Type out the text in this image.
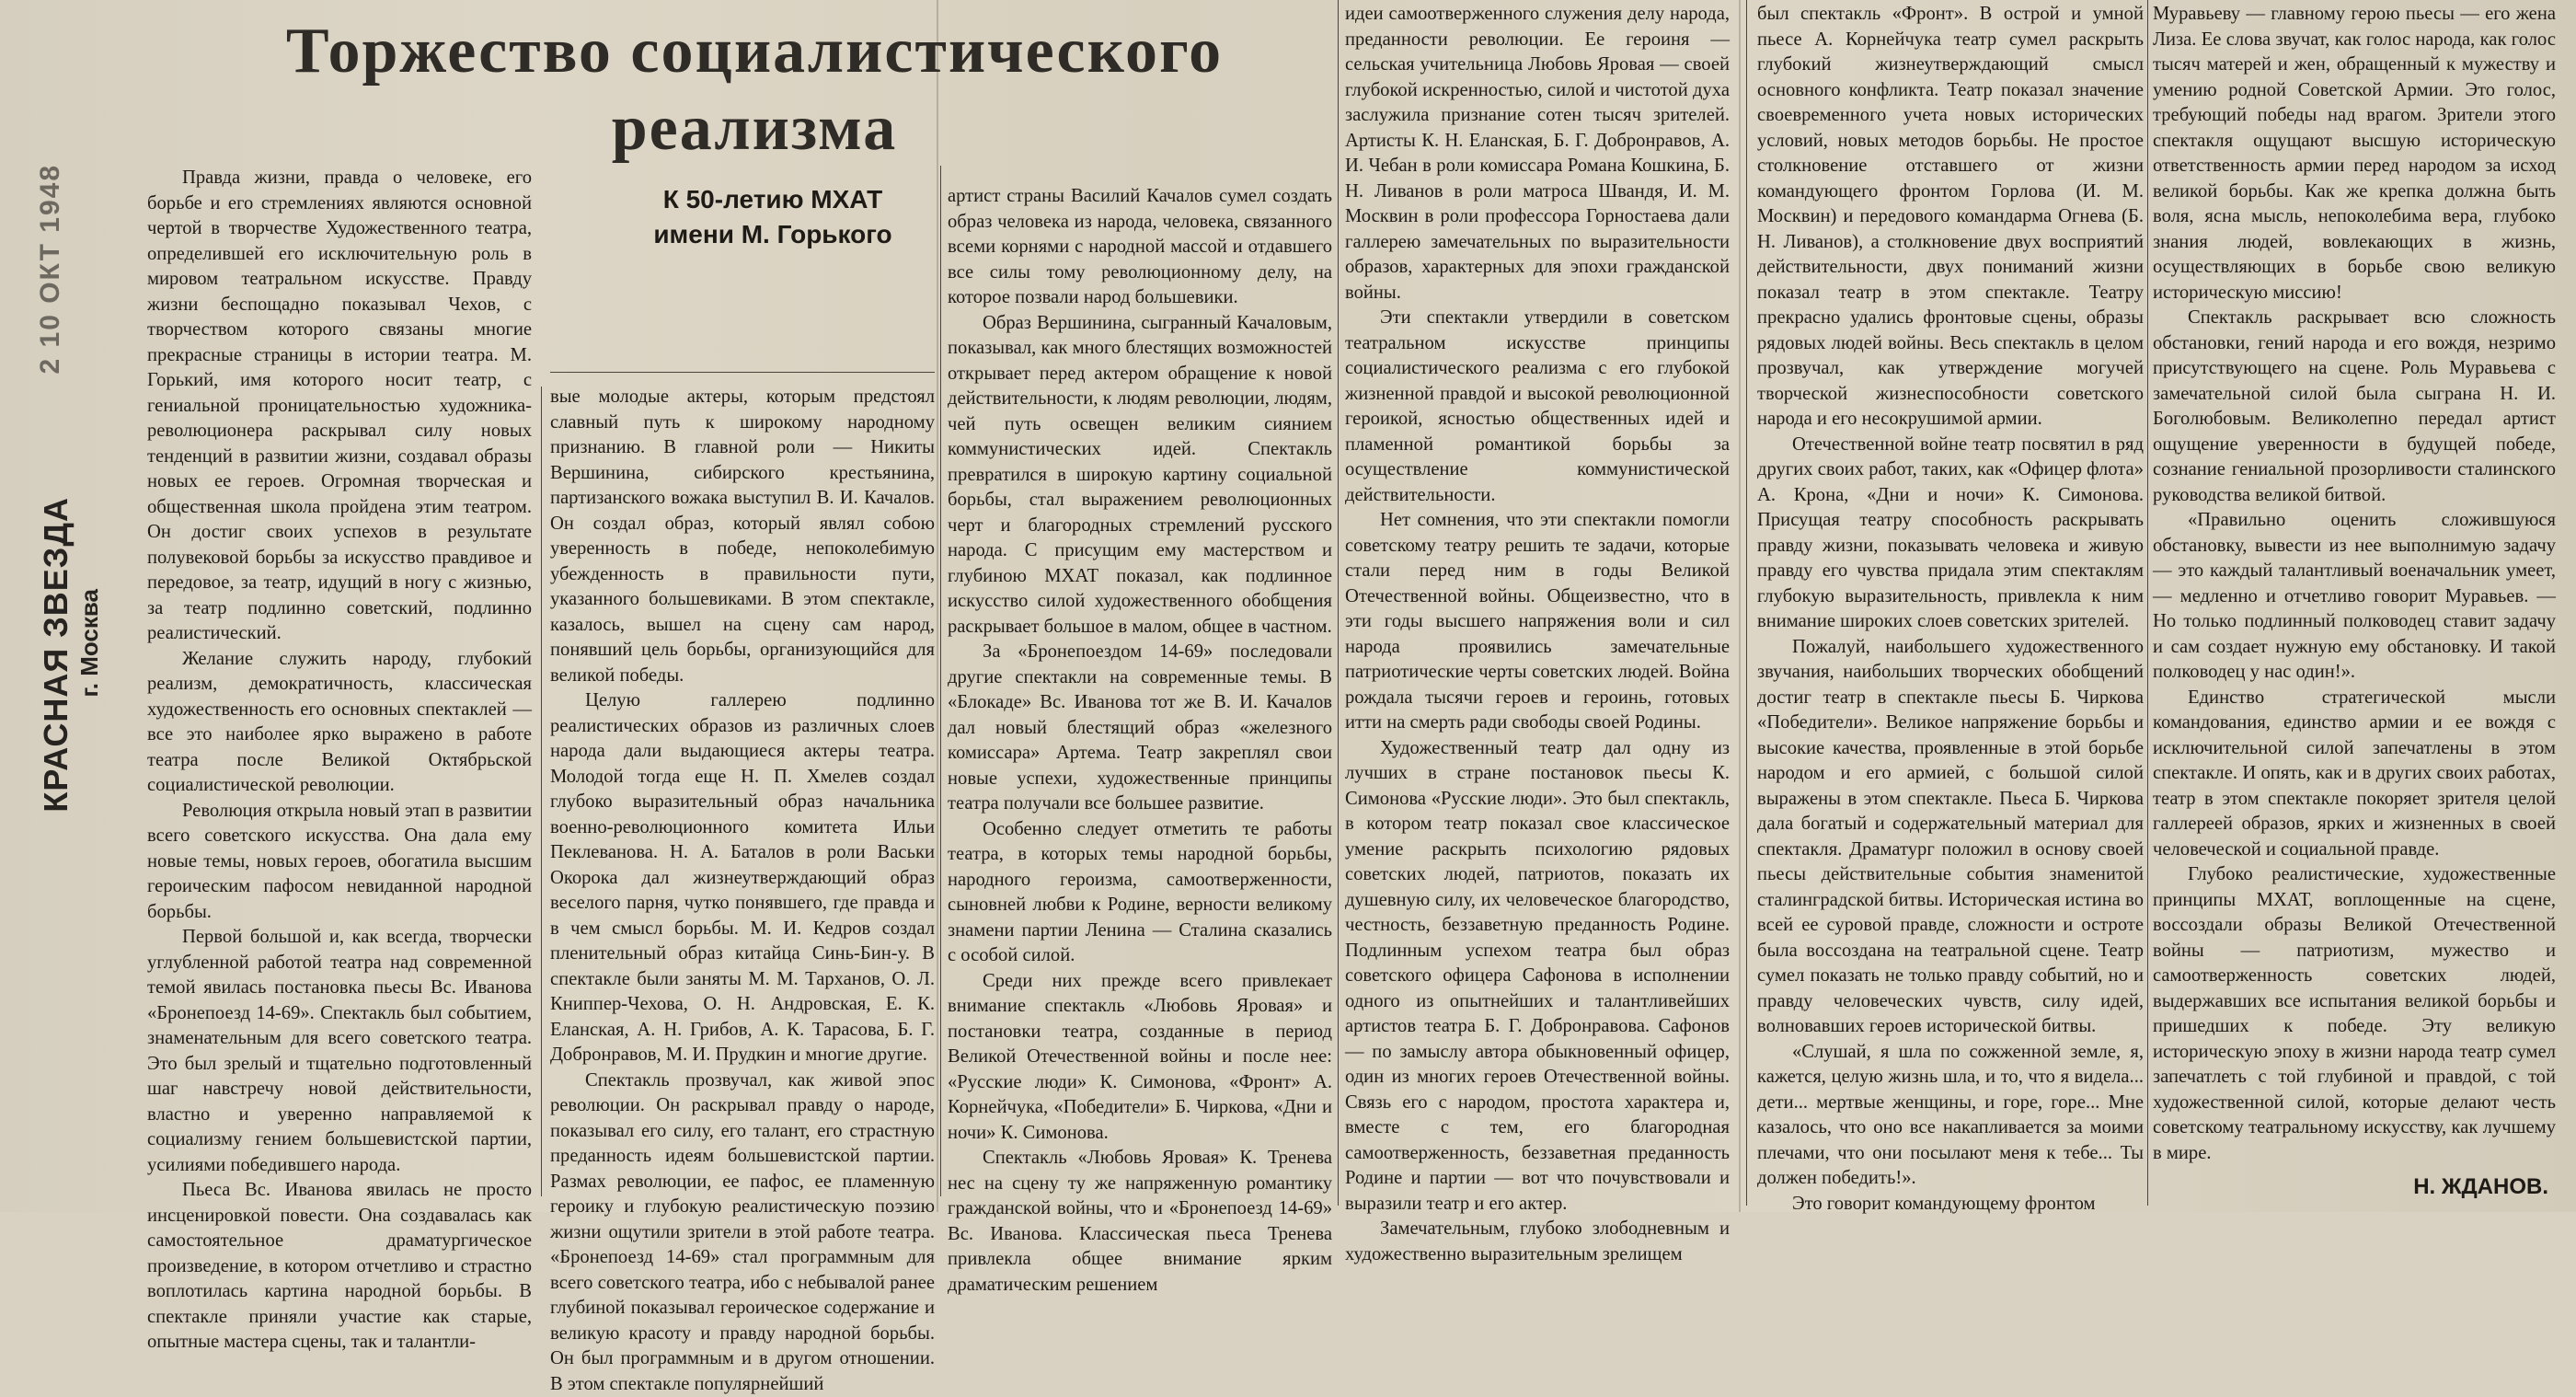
2 10 ОКТ 1948
КРАСНАЯ ЗВЕЗДА г. Москва
Торжество социалистического
реализма
К 50-летию МХАТ
имени М. Горького

Правда жизни, правда о человеке, его борьбе и его стремлениях являются основной чертой в творчестве Художественного театра, определившей его исключительную роль в мировом театральном искусстве. Правду жизни беспощадно показывал Чехов, с творчеством которого связаны многие прекрасные страницы в истории театра. М. Горький, имя которого носит театр, с гениальной проницательностью художника-революционера раскрывал силу новых тенденций в развитии жизни, создавал образы новых ее героев. Огромная творческая и общественная школа пройдена этим театром. Он достиг своих успехов в результате полувековой борьбы за искусство правдивое и передовое, за театр, идущий в ногу с жизнью, за театр подлинно советский, подлинно реалистический.

Желание служить народу, глубокий реализм, демократичность, классическая художественность его основных спектаклей — все это наиболее ярко выражено в работе театра после Великой Октябрьской социалистической революции.

Революция открыла новый этап в развитии всего советского искусства. Она дала ему новые темы, новых героев, обогатила высшим героическим пафосом невиданной народной борьбы.

Первой большой и, как всегда, творчески углубленной работой театра над современной темой явилась постановка пьесы Вс. Иванова «Бронепоезд 14-69». Спектакль был событием, знаменательным для всего советского театра. Это был зрелый и тщательно подготовленный шаг навстречу новой действительности, властно и уверенно направляемой к социализму гением большевистской партии, усилиями победившего народа.

Пьеса Вс. Иванова явилась не просто инсценировкой повести. Она создавалась как самостоятельное драматургическое произведение, в котором отчетливо и страстно воплотилась картина народной борьбы. В спектакле приняли участие как старые, опытные мастера сцены, так и талантли-

вые молодые актеры, которым предстоял славный путь к широкому народному признанию. В главной роли — Никиты Вершинина, сибирского крестьянина, партизанского вожака выступил В. И. Качалов. Он создал образ, который являл собою уверенность в победе, непоколебимую убежденность в правильности пути, указанного большевиками. В этом спектакле, казалось, вышел на сцену сам народ, понявший цель борьбы, организующийся для великой победы.

Целую галлерею подлинно реалистических образов из различных слоев народа дали выдающиеся актеры театра. Молодой тогда еще Н. П. Хмелев создал глубоко выразительный образ начальника военно-революционного комитета Ильи Пеклеванова. Н. А. Баталов в роли Васьки Окорока дал жизнеутверждающий образ веселого парня, чутко понявшего, где правда и в чем смысл борьбы. М. И. Кедров создал пленительный образ китайца Синь-Бин-у. В спектакле были заняты М. М. Тарханов, О. Л. Книппер-Чехова, О. Н. Андровская, Е. К. Еланская, А. Н. Грибов, А. К. Тарасова, Б. Г. Добронравов, М. И. Прудкин и многие другие.

Спектакль прозвучал, как живой эпос революции. Он раскрывал правду о народе, показывал его силу, его талант, его страстную преданность идеям большевистской партии. Размах революции, ее пафос, ее пламенную героику и глубокую реалистическую поэзию жизни ощутили зрители в этой работе театра. «Бронепоезд 14-69» стал программным для всего советского театра, ибо с небывалой ранее глубиной показывал героическое содержание и великую красоту и правду народной борьбы. Он был программным и в другом отношении. В этом спектакле популярнейший

артист страны Василий Качалов сумел создать образ человека из народа, человека, связанного всеми корнями с народной массой и отдавшего все силы тому революционному делу, на которое позвали народ большевики.

Образ Вершинина, сыгранный Качаловым, показывал, как много блестящих возможностей открывает перед актером обращение к новой действительности, к людям революции, людям, чей путь освещен великим сиянием коммунистических идей. Спектакль превратился в широкую картину социальной борьбы, стал выражением революционных черт и благородных стремлений русского народа. С присущим ему мастерством и глубиною МХАТ показал, как подлинное искусство силой художественного обобщения раскрывает большое в малом, общее в частном.

За «Бронепоездом 14-69» последовали другие спектакли на современные темы. В «Блокаде» Вс. Иванова тот же В. И. Качалов дал новый блестящий образ «железного комиссара» Артема. Театр закреплял свои новые успехи, художественные принципы театра получали все большее развитие.

Особенно следует отметить те работы театра, в которых темы народной борьбы, народного героизма, самоотверженности, сыновней любви к Родине, верности великому знамени партии Ленина — Сталина сказались с особой силой.

Среди них прежде всего привлекает внимание спектакль «Любовь Яровая» и постановки театра, созданные в период Великой Отечественной войны и после нее: «Русские люди» К. Симонова, «Фронт» А. Корнейчука, «Победители» Б. Чиркова, «Дни и ночи» К. Симонова.

Спектакль «Любовь Яровая» К. Тренева нес на сцену ту же напряженную романтику гражданской войны, что и «Бронепоезд 14-69» Вс. Иванова. Классическая пьеса Тренева привлекла общее внимание ярким драматическим решением

идеи самоотверженного служения делу народа, преданности революции. Ее героиня — сельская учительница Любовь Яровая — своей глубокой искренностью, силой и чистотой духа заслужила признание сотен тысяч зрителей. Артисты К. Н. Еланская, Б. Г. Добронравов, А. И. Чебан в роли комиссара Романа Кошкина, Б. Н. Ливанов в роли матроса Швандя, И. М. Москвин в роли профессора Горностаева дали галлерею замечательных по выразительности образов, характерных для эпохи гражданской войны.

Эти спектакли утвердили в советском театральном искусстве принципы социалистического реализма с его глубокой жизненной правдой и высокой революционной героикой, ясностью общественных идей и пламенной романтикой борьбы за осуществление коммунистической действительности.

Нет сомнения, что эти спектакли помогли советскому театру решить те задачи, которые стали перед ним в годы Великой Отечественной войны. Общеизвестно, что в эти годы высшего напряжения воли и сил народа проявились замечательные патриотические черты советских людей. Война рождала тысячи героев и героинь, готовых итти на смерть ради свободы своей Родины.

Художественный театр дал одну из лучших в стране постановок пьесы К. Симонова «Русские люди». Это был спектакль, в котором театр показал свое классическое умение раскрыть психологию рядовых советских людей, патриотов, показать их душевную силу, их человеческое благородство, честность, беззаветную преданность Родине. Подлинным успехом театра был образ советского офицера Сафонова в исполнении одного из опытнейших и талантливейших артистов театра Б. Г. Добронравова. Сафонов — по замыслу автора обыкновенный офицер, один из многих героев Отечественной войны. Связь его с народом, простота характера и, вместе с тем, его благородная самоотверженность, беззаветная преданность Родине и партии — вот что почувствовали и выразили театр и его актер.

Замечательным, глубоко злободневным и художественно выразительным зрелищем

был спектакль «Фронт». В острой и умной пьесе А. Корнейчука театр сумел раскрыть глубокий жизнеутверждающий смысл основного конфликта. Театр показал значение своевременного учета новых исторических условий, новых методов борьбы. Не простое столкновение отставшего от жизни командующего фронтом Горлова (И. М. Москвин) и передового командарма Огнева (Б. Н. Ливанов), а столкновение двух восприятий действительности, двух пониманий жизни показал театр в этом спектакле. Театру прекрасно удались фронтовые сцены, образы рядовых людей войны. Весь спектакль в целом прозвучал, как утверждение могучей творческой жизнеспособности советского народа и его несокрушимой армии.

Отечественной войне театр посвятил в ряд других своих работ, таких, как «Офицер флота» А. Крона, «Дни и ночи» К. Симонова. Присущая театру способность раскрывать правду жизни, показывать человека и живую правду его чувства придала этим спектаклям глубокую выразительность, привлекла к ним внимание широких слоев советских зрителей.

Пожалуй, наибольшего художественного звучания, наибольших творческих обобщений достиг театр в спектакле пьесы Б. Чиркова «Победители». Великое напряжение борьбы и высокие качества, проявленные в этой борьбе народом и его армией, с большой силой выражены в этом спектакле. Пьеса Б. Чиркова дала богатый и содержательный материал для спектакля. Драматург положил в основу своей пьесы действительные события знаменитой сталинградской битвы. Историческая истина во всей ее суровой правде, сложности и остроте была воссоздана на театральной сцене. Театр сумел показать не только правду событий, но и правду человеческих чувств, силу идей, волновавших героев исторической битвы.

«Слушай, я шла по сожженной земле, я, кажется, целую жизнь шла, и то, что я видела... дети... мертвые женщины, и горе, горе... Мне казалось, что оно все накапливается за моими плечами, что они посылают меня к тебе... Ты должен победить!».

Это говорит командующему фронтом

Муравьеву — главному герою пьесы — его жена Лиза. Ее слова звучат, как голос народа, как голос тысяч матерей и жен, обращенный к мужеству и умению родной Советской Армии. Это голос, требующий победы над врагом. Зрители этого спектакля ощущают высшую историческую ответственность армии перед народом за исход великой борьбы. Как же крепка должна быть воля, ясна мысль, непоколебима вера, глубоко знания людей, вовлекающих в жизнь, осуществляющих в борьбе свою великую историческую миссию!

Спектакль раскрывает всю сложность обстановки, гений народа и его вождя, незримо присутствующего на сцене. Роль Муравьева с замечательной силой была сыграна Н. И. Боголюбовым. Великолепно передал артист ощущение уверенности в будущей победе, сознание гениальной прозорливости сталинского руководства великой битвой.

«Правильно оценить сложившуюся обстановку, вывести из нее выполнимую задачу — это каждый талантливый военачальник умеет, — медленно и отчетливо говорит Муравьев. — Но только подлинный полководец ставит задачу и сам создает нужную ему обстановку. И такой полководец у нас один!».

Единство стратегической мысли командования, единство армии и ее вождя с исключительной силой запечатлены в этом спектакле. И опять, как и в других своих работах, театр в этом спектакле покоряет зрителя целой галлереей образов, ярких и жизненных в своей человеческой и социальной правде.

Глубоко реалистические, художественные принципы МХАТ, воплощенные на сцене, воссоздали образы Великой Отечественной войны — патриотизм, мужество и самоотверженность советских людей, выдержавших все испытания великой борьбы и пришедших к победе. Эту великую историческую эпоху в жизни народа театр сумел запечатлеть с той глубиной и правдой, с той художественной силой, которые делают честь советскому театральному искусству, как лучшему в мире.

Н. ЖДАНОВ.
